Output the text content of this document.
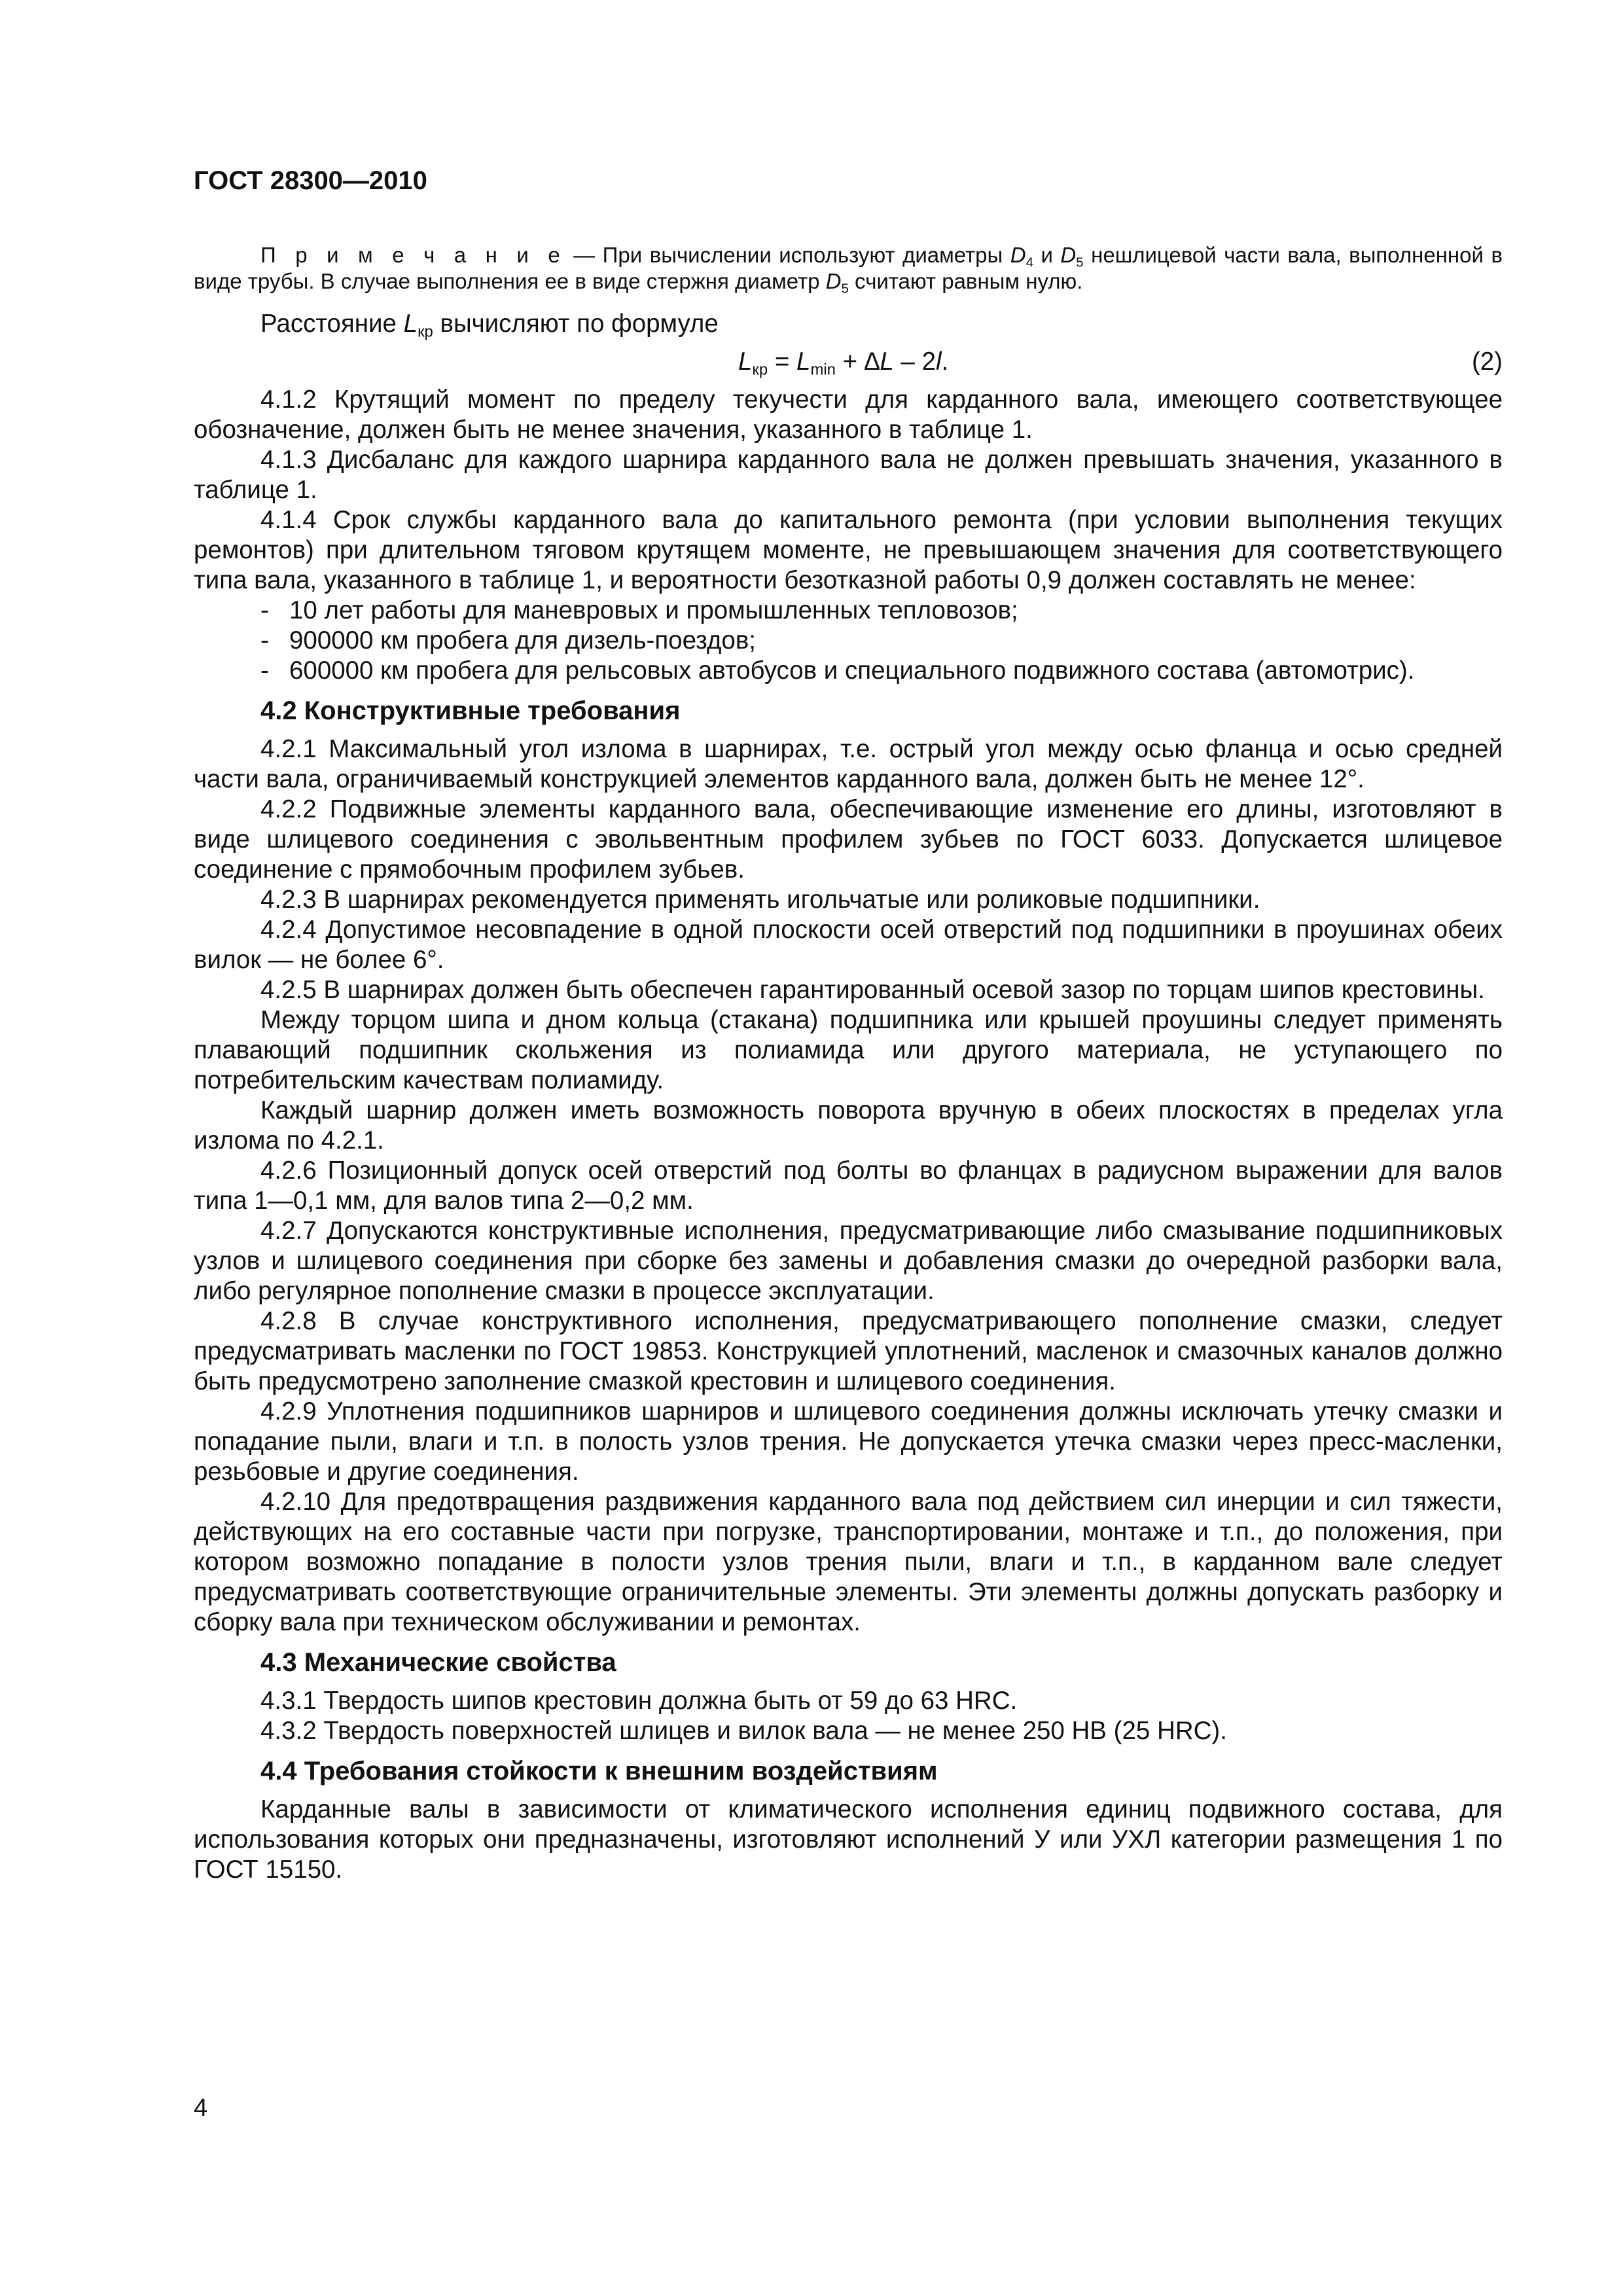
ГОСТ 28300—2010

П р и м е ч а н и е — При вычислении используют диаметры $D_4$ и $D_5$ нешлицевой части вала, выполненной в виде трубы. В случае выполнения ее в виде стержня диаметр $D_5$ считают равным нулю.

Расстояние $L_{кр}$ вычисляют по формуле

$L_{кр} = L_{min} + \Delta L - 2l$.	(2)

4.1.2 Крутящий момент по пределу текучести для карданного вала, имеющего соответствующее обозначение, должен быть не менее значения, указанного в таблице 1.

4.1.3 Дисбаланс для каждого шарнира карданного вала не должен превышать значения, указанного в таблице 1.

4.1.4 Срок службы карданного вала до капитального ремонта (при условии выполнения текущих ремонтов) при длительном тяговом крутящем моменте, не превышающем значения для соответствующего типа вала, указанного в таблице 1, и вероятности безотказной работы 0,9 должен составлять не менее:

- 10 лет работы для маневровых и промышленных тепловозов;
- 900000 км пробега для дизель-поездов;
- 600000 км пробега для рельсовых автобусов и специального подвижного состава (автомотрис).
4.2 Конструктивные требования

4.2.1 Максимальный угол излома в шарнирах, т.е. острый угол между осью фланца и осью средней части вала, ограничиваемый конструкцией элементов карданного вала, должен быть не менее 12°.

4.2.2 Подвижные элементы карданного вала, обеспечивающие изменение его длины, изготовляют в виде шлицевого соединения с эвольвентным профилем зубьев по ГОСТ 6033. Допускается шлицевое соединение с прямобочным профилем зубьев.

4.2.3 В шарнирах рекомендуется применять игольчатые или роликовые подшипники.

4.2.4 Допустимое несовпадение в одной плоскости осей отверстий под подшипники в проушинах обеих вилок — не более 6°.

4.2.5 В шарнирах должен быть обеспечен гарантированный осевой зазор по торцам шипов крестовины.

Между торцом шипа и дном кольца (стакана) подшипника или крышей проушины следует применять плавающий подшипник скольжения из полиамида или другого материала, не уступающего по потребительским качествам полиамиду.

Каждый шарнир должен иметь возможность поворота вручную в обеих плоскостях в пределах угла излома по 4.2.1.

4.2.6 Позиционный допуск осей отверстий под болты во фланцах в радиусном выражении для валов типа 1—0,1 мм, для валов типа 2—0,2 мм.

4.2.7 Допускаются конструктивные исполнения, предусматривающие либо смазывание подшипниковых узлов и шлицевого соединения при сборке без замены и добавления смазки до очередной разборки вала, либо регулярное пополнение смазки в процессе эксплуатации.

4.2.8 В случае конструктивного исполнения, предусматривающего пополнение смазки, следует предусматривать масленки по ГОСТ 19853. Конструкцией уплотнений, масленок и смазочных каналов должно быть предусмотрено заполнение смазкой крестовин и шлицевого соединения.

4.2.9 Уплотнения подшипников шарниров и шлицевого соединения должны исключать утечку смазки и попадание пыли, влаги и т.п. в полость узлов трения. Не допускается утечка смазки через пресс-масленки, резьбовые и другие соединения.

4.2.10 Для предотвращения раздвижения карданного вала под действием сил инерции и сил тяжести, действующих на его составные части при погрузке, транспортировании, монтаже и т.п., до положения, при котором возможно попадание в полости узлов трения пыли, влаги и т.п., в карданном вале следует предусматривать соответствующие ограничительные элементы. Эти элементы должны допускать разборку и сборку вала при техническом обслуживании и ремонтах.

4.3 Механические свойства

4.3.1 Твердость шипов крестовин должна быть от 59 до 63 HRC.

4.3.2 Твердость поверхностей шлицев и вилок вала — не менее 250 НВ (25 HRC).

4.4 Требования стойкости к внешним воздействиям

Карданные валы в зависимости от климатического исполнения единиц подвижного состава, для использования которых они предназначены, изготовляют исполнений У или УХЛ категории размещения 1 по ГОСТ 15150.

4
